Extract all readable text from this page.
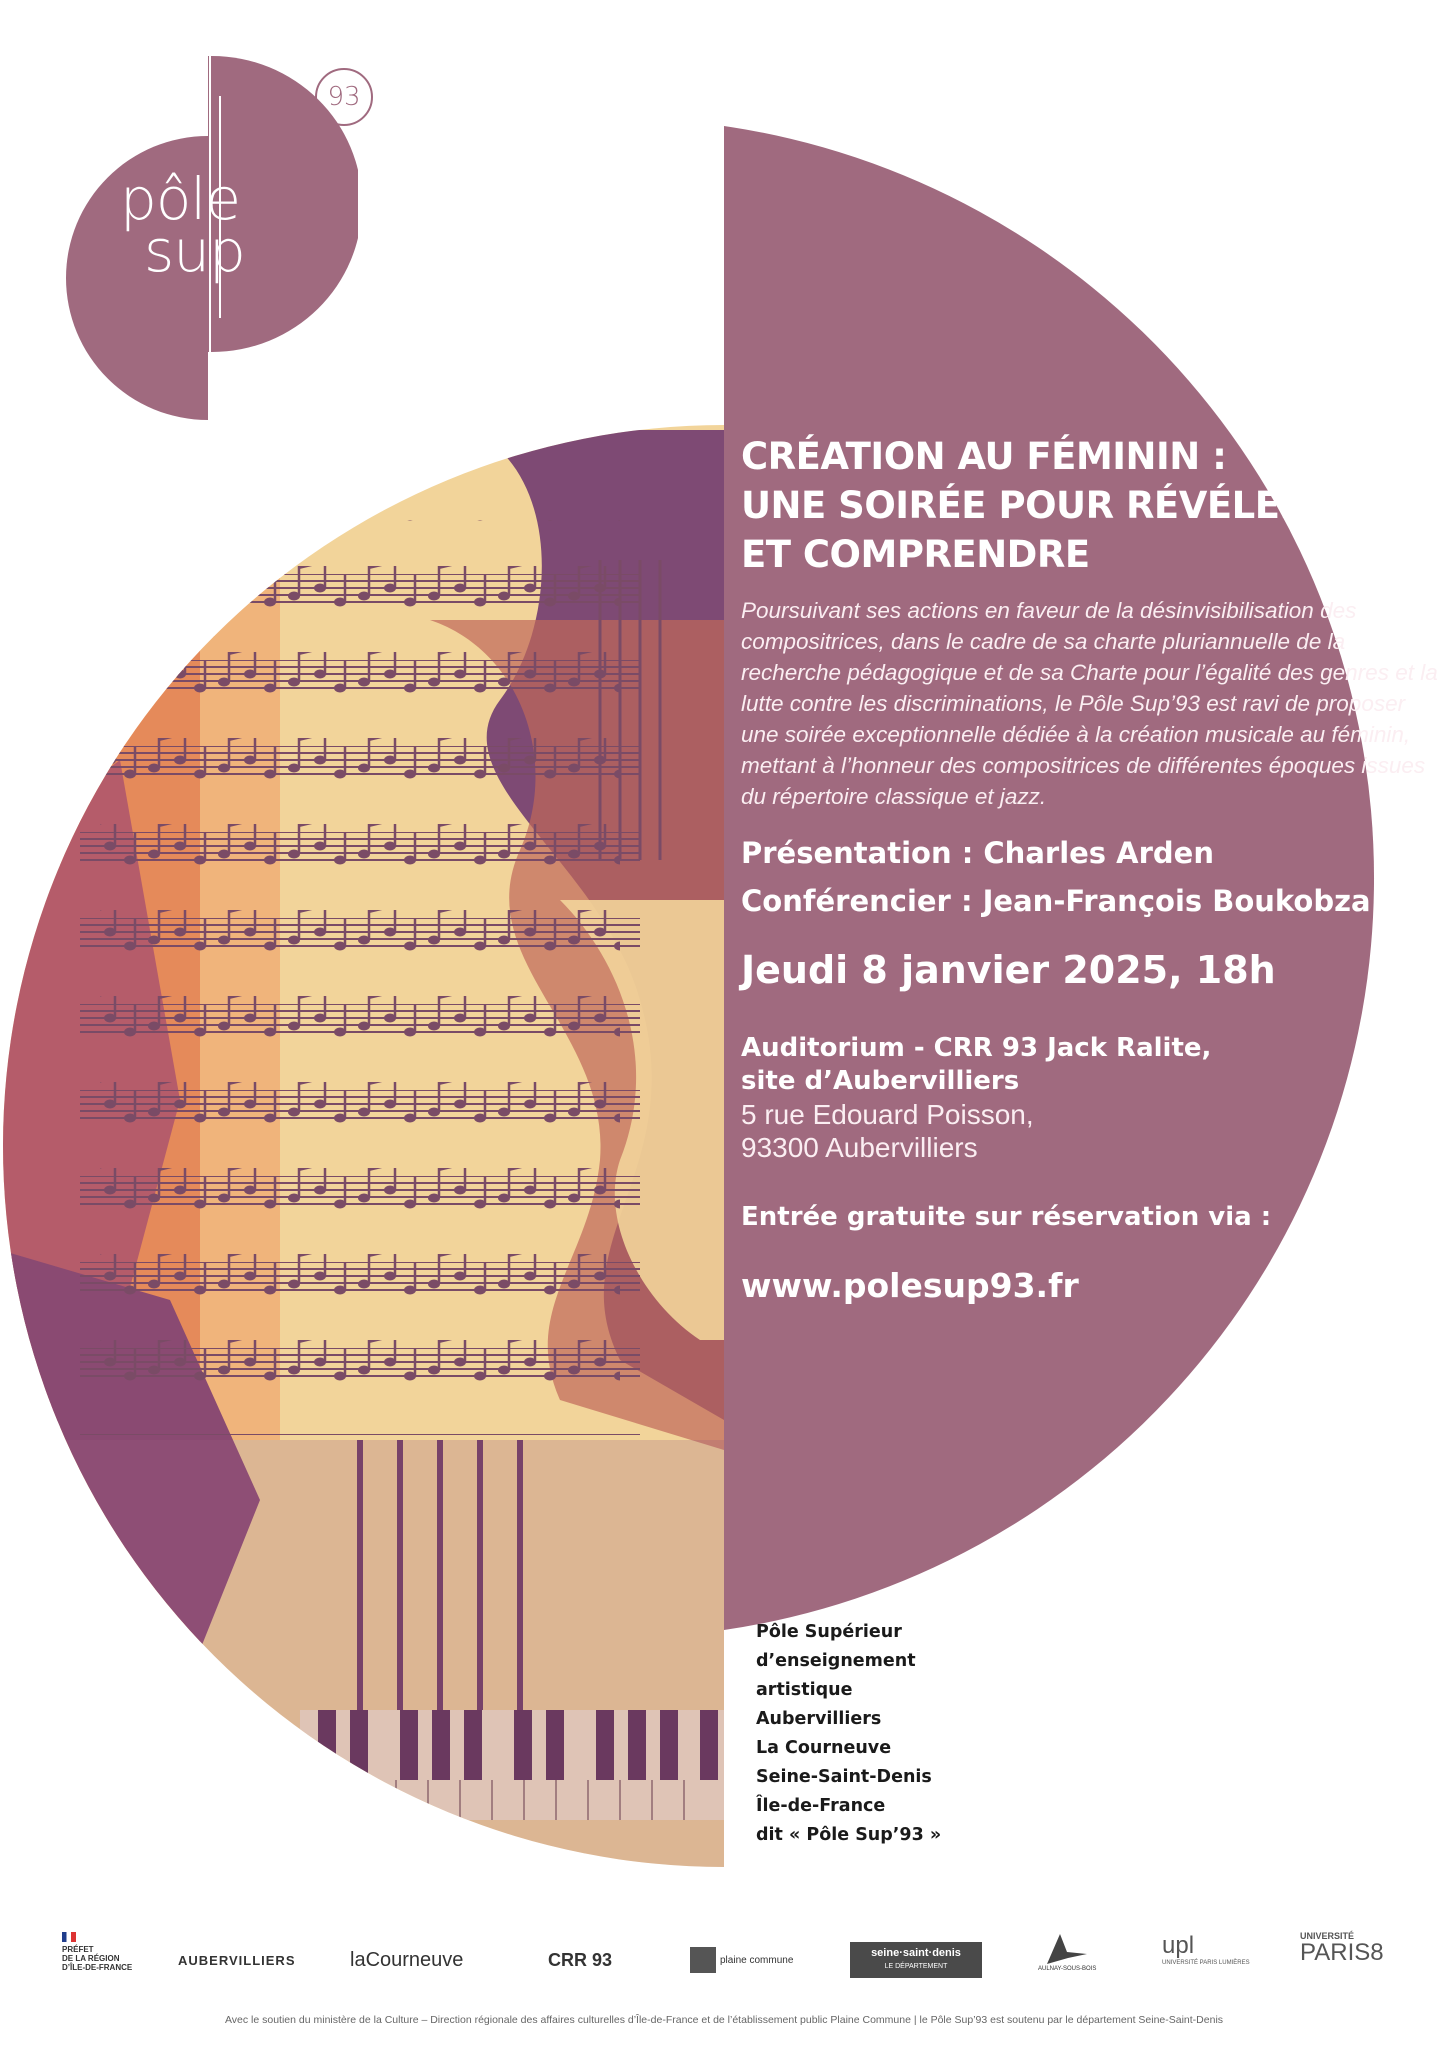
pôle
sup
93
CRÉATION AU FÉMININ :
UNE SOIRÉE POUR RÉVÉLER
ET COMPRENDRE
Poursuivant ses actions en faveur de la désinvisibilisation des compositrices, dans le cadre de sa charte pluriannuelle de la recherche pédagogique et de sa Charte pour l’égalité des genres et la lutte contre les discriminations, le Pôle Sup’93 est ravi de proposer une soirée exceptionnelle dédiée à la création musicale au féminin, mettant à l’honneur des compositrices de différentes époques issues du répertoire classique et jazz.
Présentation : Charles Arden
Conférencier : Jean-François Boukobza
Jeudi 8 janvier 2025, 18h
Auditorium - CRR 93 Jack Ralite,
site d’Aubervilliers
5 rue Edouard Poisson,
93300 Aubervilliers
Entrée gratuite sur réservation via :
www.polesup93.fr
Pôle Supérieur
d’enseignement
artistique
Aubervilliers
La Courneuve
Seine-Saint-Denis
Île-de-France
dit « Pôle Sup’93 »
PRÉFET
DE LA RÉGION
D’ÎLE-DE-FRANCE	AUBERVILLIERS	laCourneuve	CRR 93	plaine commune
seine·saint·denis
LE DÉPARTEMENT	AULNAY-SOUS-BOIS
upl
UNIVERSITÉ PARIS LUMIÈRES
UNIVERSITÉ
PARIS8
Avec le soutien du ministère de la Culture – Direction régionale des affaires culturelles d’Île-de-France et de l’établissement public Plaine Commune | le Pôle Sup’93 est soutenu par le département Seine-Saint-Denis
